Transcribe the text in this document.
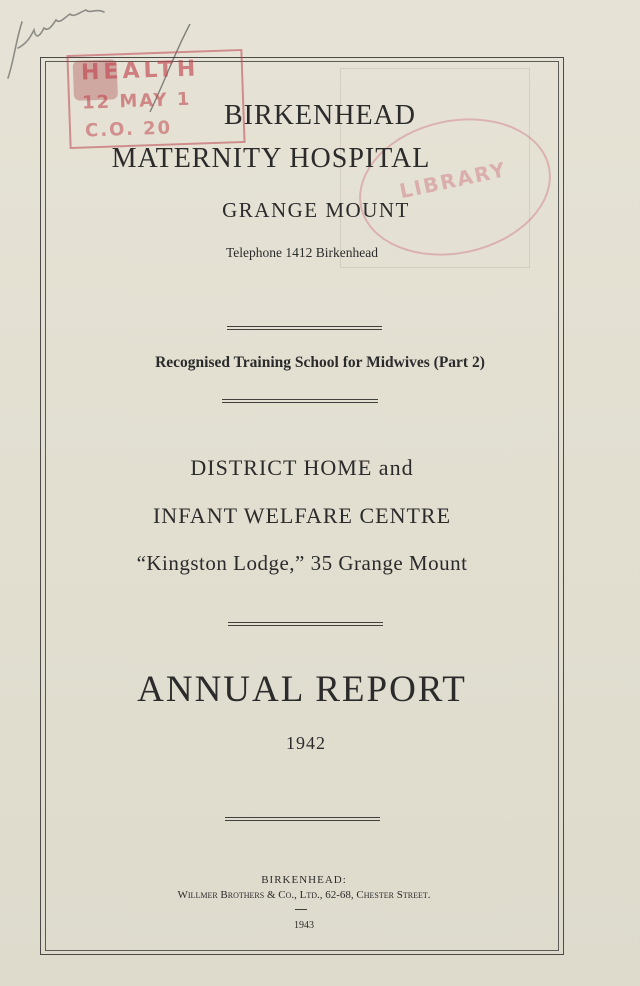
HEALTH
12 MAY 1
C.O. 20
LIBRARY
BIRKENHEAD
MATERNITY HOSPITAL
GRANGE MOUNT
Telephone 1412 Birkenhead
Recognised Training School for Midwives (Part 2)
DISTRICT HOME and
INFANT WELFARE CENTRE
“Kingston Lodge,” 35 Grange Mount
ANNUAL REPORT
1942
BIRKENHEAD:
Willmer Brothers & Co., Ltd., 62-68, Chester Street.
1943
